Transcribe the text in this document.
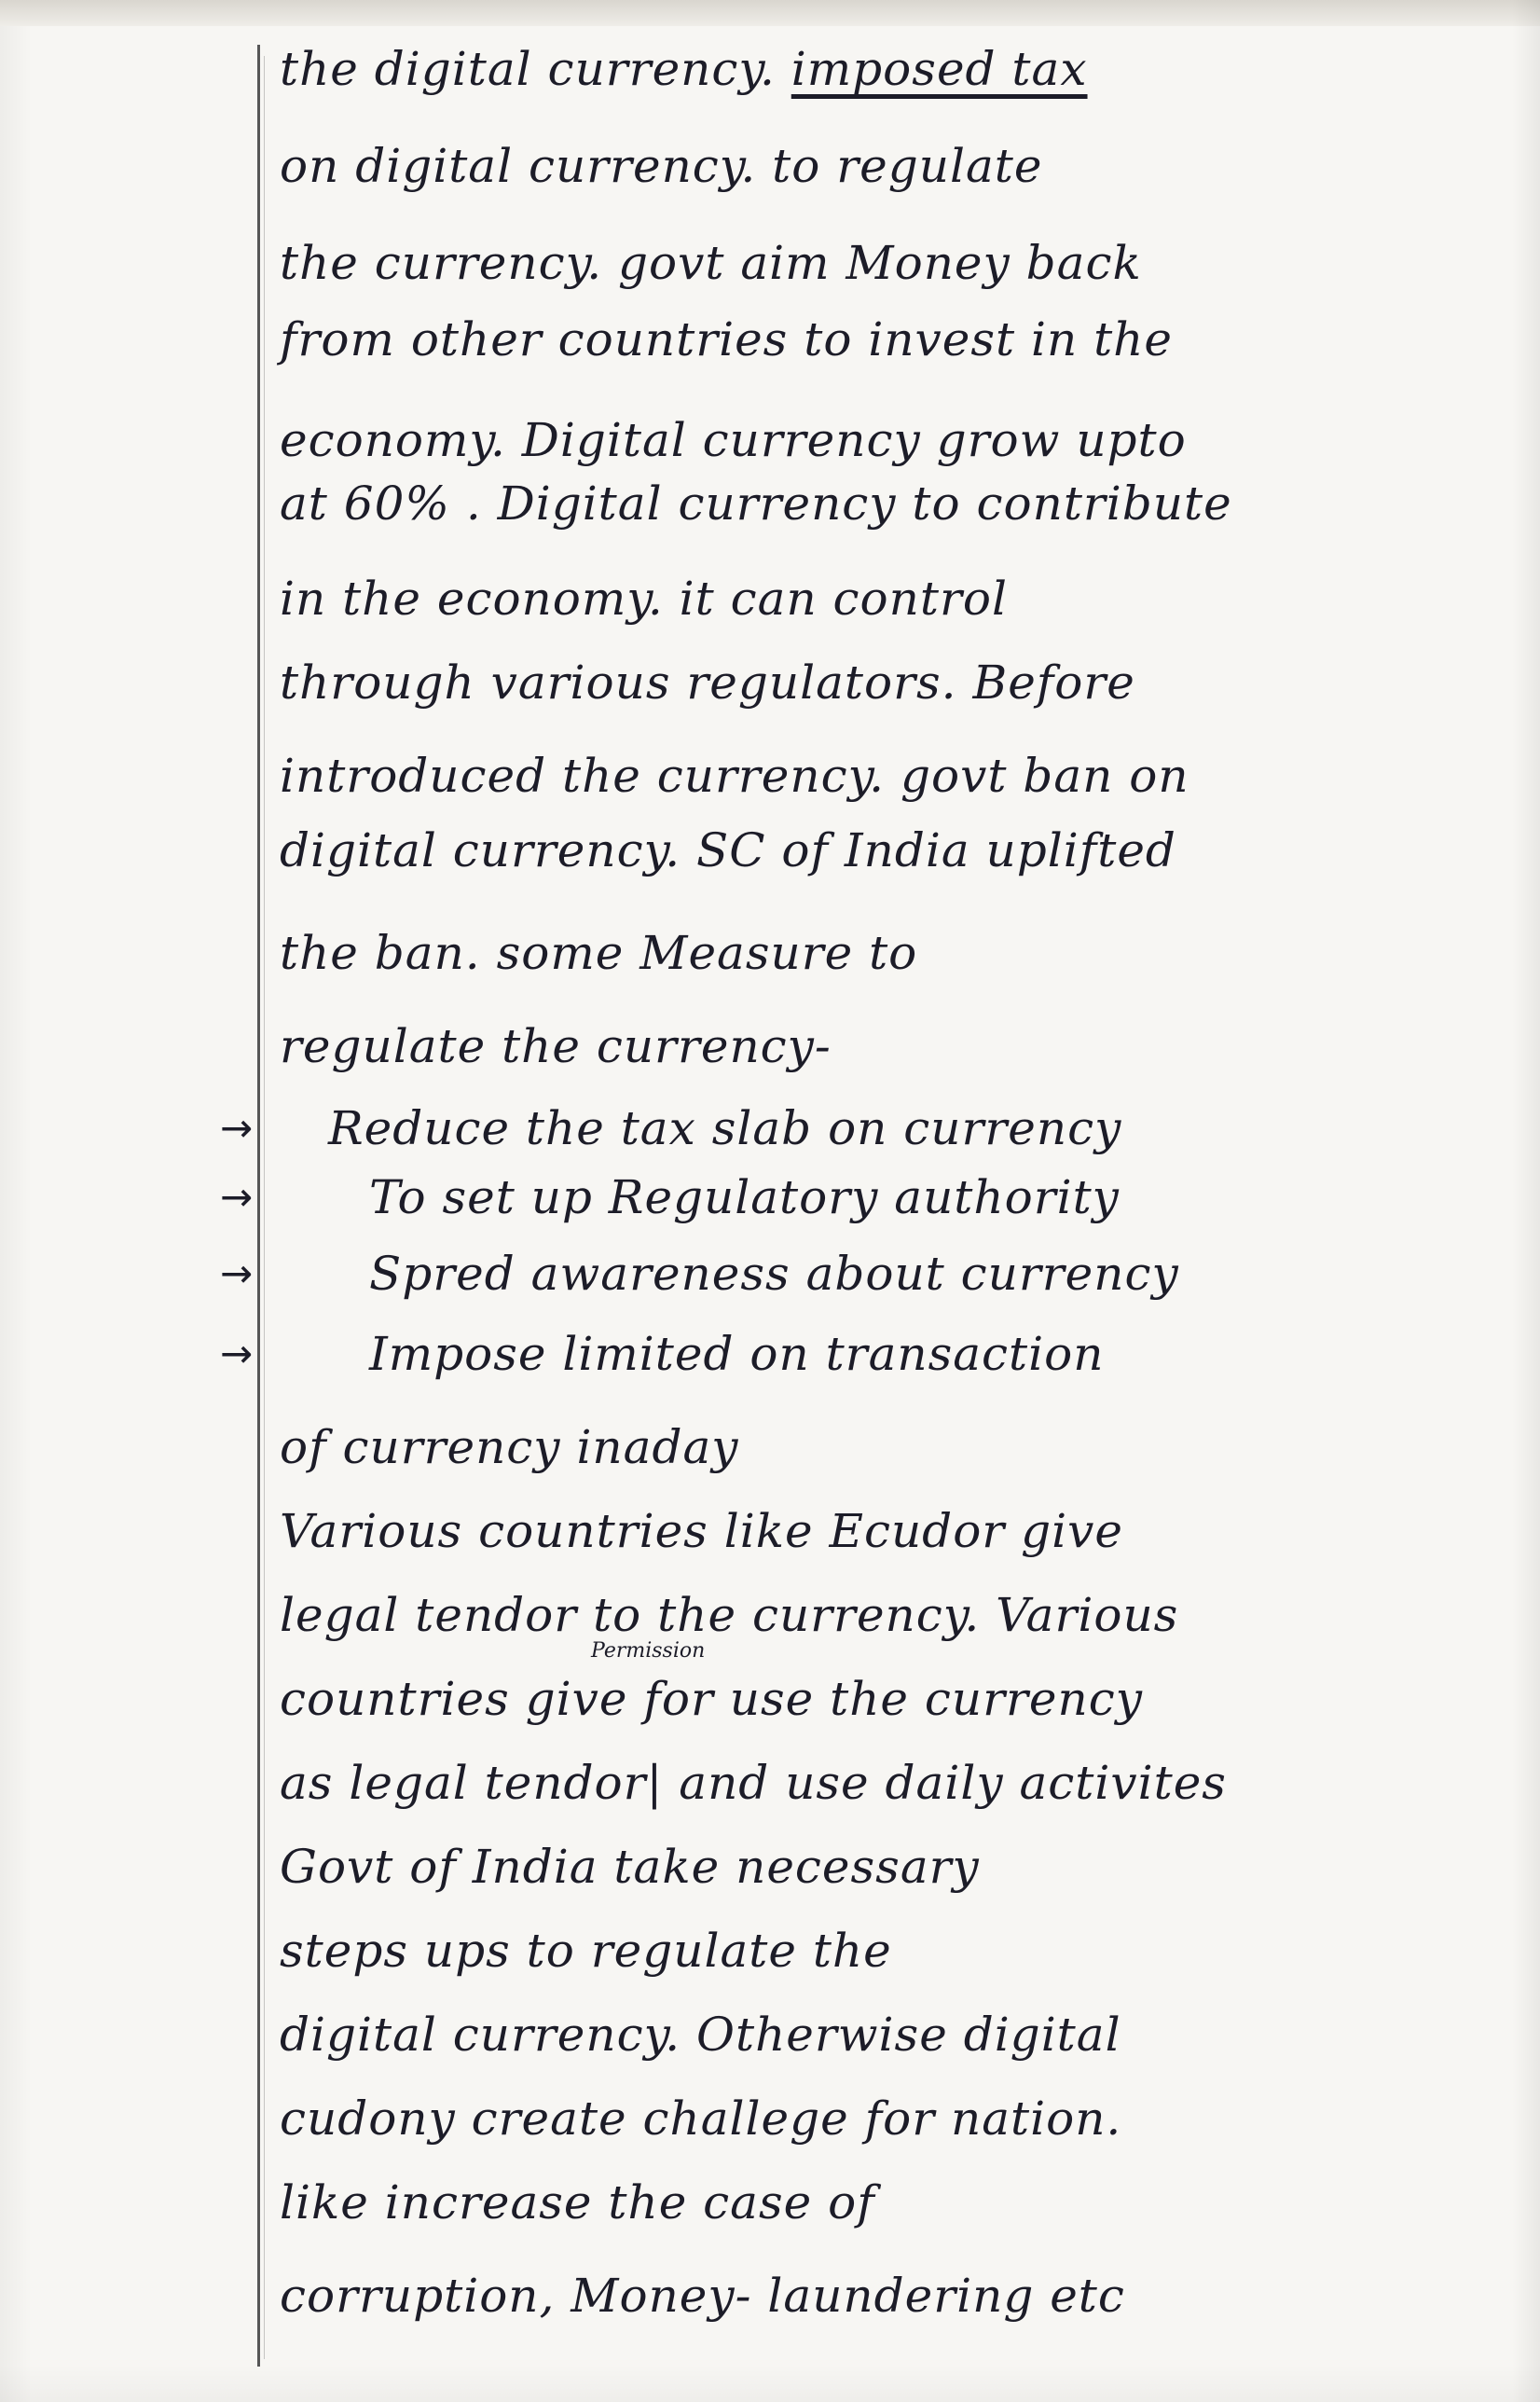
the digital currency. imposed tax
on digital currency. to regulate
the currency. govt aim Money back
from other countries to invest in the
economy. Digital currency grow upto
at 60% . Digital currency to contribute
in the economy. it can control
through various regulators. Before
introduced the currency. govt ban on
digital currency. SC of India uplifted
the ban. some Measure to
regulate the currency-
→ Reduce the tax slab on currency
→ To set up Regulatory authority
→ Spred awareness about currency
→ Impose limited on transaction
of currency inaday
Various countries like Ecudor give
legal tendor to the currency. Various
Permission
countries give for use the currency
as legal tendor| and use daily activites
Govt of India take necessary
steps ups to regulate the
digital currency. Otherwise digital
cudony create challege for nation.
like increase the case of
corruption, Money- laundering etc
